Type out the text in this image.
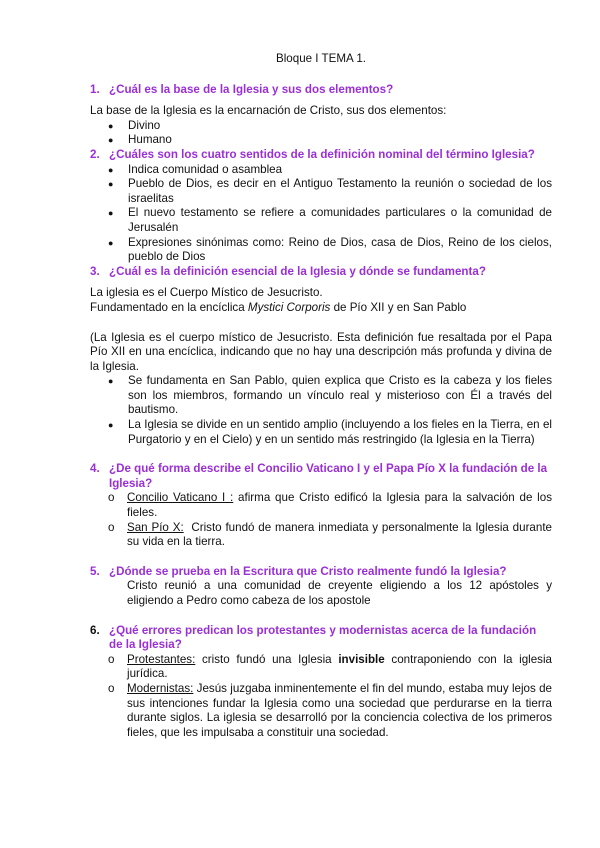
Bloque I TEMA 1.
1. ¿Cuál es la base de la Iglesia y sus dos elementos?

La base de la Iglesia es la encarnación de Cristo, sus dos elementos:

● Divino
● Humano
2. ¿Cuáles son los cuatro sentidos de la definición nominal del término Iglesia?
● Indica comunidad o asamblea
● Pueblo de Dios, es decir en el Antiguo Testamento la reunión o sociedad de los israelitas
● El nuevo testamento se refiere a comunidades particulares o la comunidad de Jerusalén
● Expresiones sinónimas como: Reino de Dios, casa de Dios, Reino de los cielos, pueblo de Dios
3. ¿Cuál es la definición esencial de la Iglesia y dónde se fundamenta?

La iglesia es el Cuerpo Místico de Jesucristo.

Fundamentado en la encíclica Mystici Corporis de Pío XII y en San Pablo

(La Iglesia es el cuerpo místico de Jesucristo. Esta definición fue resaltada por el Papa Pío XII en una encíclica, indicando que no hay una descripción más profunda y divina de la Iglesia.

● Se fundamenta en San Pablo, quien explica que Cristo es la cabeza y los fieles son los miembros, formando un vínculo real y misterioso con Él a través del bautismo.
● La Iglesia se divide en un sentido amplio (incluyendo a los fieles en la Tierra, en el Purgatorio y en el Cielo) y en un sentido más restringido (la Iglesia en la Tierra)
4. ¿De qué forma describe el Concilio Vaticano I y el Papa Pío X la fundación de la Iglesia?
o Concilio Vaticano I : afirma que Cristo edificó la Iglesia para la salvación de los fieles.
o San Pío X:  Cristo fundó de manera inmediata y personalmente la Iglesia durante su vida en la tierra.
5. ¿Dónde se prueba en la Escritura que Cristo realmente fundó la Iglesia?

Cristo reunió a una comunidad de creyente eligiendo a los 12 apóstoles y eligiendo a Pedro como cabeza de los apostole

6. ¿Qué errores predican los protestantes y modernistas acerca de la fundación de la Iglesia?
o Protestantes: cristo fundó una Iglesia invisible contraponiendo con la iglesia jurídica.
o Modernistas: Jesús juzgaba inminentemente el fin del mundo, estaba muy lejos de sus intenciones fundar la Iglesia como una sociedad que perdurarse en la tierra durante siglos. La iglesia se desarrolló por la conciencia colectiva de los primeros fieles, que les impulsaba a constituir una sociedad.
